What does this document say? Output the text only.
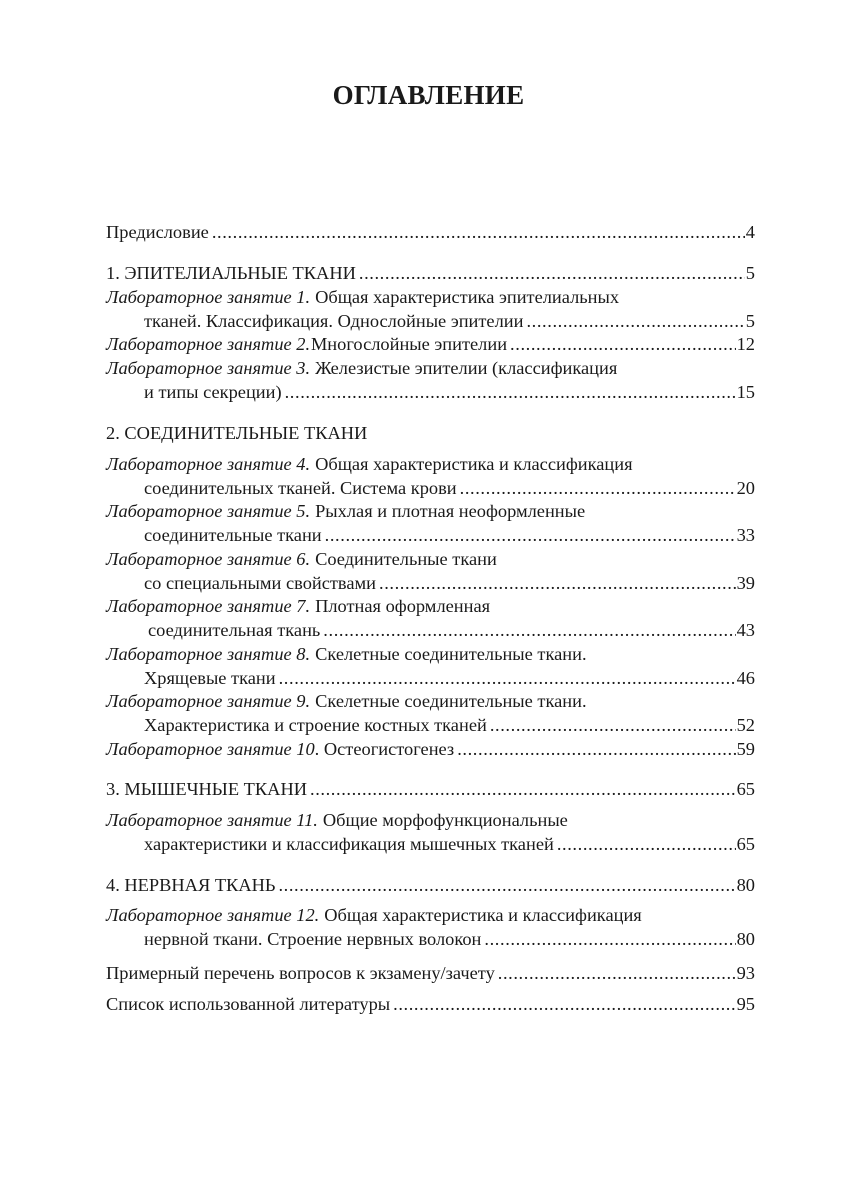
ОГЛАВЛЕНИЕ
Предисловие .....	4
1. ЭПИТЕЛИАЛЬНЫЕ ТКАНИ .....	5
Лабораторное занятие 1. Общая характеристика эпителиальных
тканей. Классификация. Однослойные эпителии .....	5
Лабораторное занятие 2. Многослойные эпителии .....	12
Лабораторное занятие 3. Железистые эпителии (классификация
и типы секреции) .....	15
2. СОЕДИНИТЕЛЬНЫЕ ТКАНИ
Лабораторное занятие 4. Общая характеристика и классификация
соединительных тканей. Система крови .....	20
Лабораторное занятие 5. Рыхлая и плотная неоформленные
соединительные ткани .....	33
Лабораторное занятие 6. Соединительные ткани
со специальными свойствами .....	39
Лабораторное занятие 7. Плотная оформленная
соединительная ткань .....	43
Лабораторное занятие 8. Скелетные соединительные ткани.
Хрящевые ткани .....	46
Лабораторное занятие 9. Скелетные соединительные ткани.
Характеристика и строение костных тканей .....	52
Лабораторное занятие 10 . Остеогистогенез .....	59
3. МЫШЕЧНЫЕ ТКАНИ .....	65
Лабораторное занятие 11. Общие морфофункциональные
характеристики и классификация мышечных тканей .....	65
4. НЕРВНАЯ ТКАНЬ .....	80
Лабораторное занятие 12. Общая характеристика и классификация
нервной ткани. Строение нервных волокон .....	80
Примерный перечень вопросов к экзамену/зачету .....	93
Список использованной литературы .....	95
